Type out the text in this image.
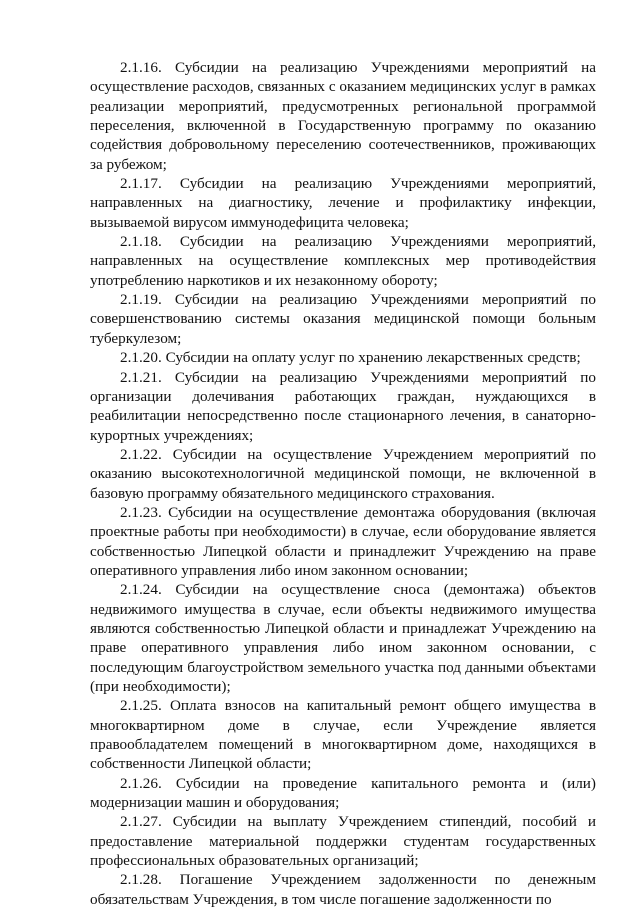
2.1.16. Субсидии на реализацию Учреждениями мероприятий на осуществление расходов, связанных с оказанием медицинских услуг в рамках реализации мероприятий, предусмотренных региональной программой переселения, включенной в Государственную программу по оказанию содействия добровольному переселению соотечественников, проживающих за рубежом;

2.1.17. Субсидии на реализацию Учреждениями мероприятий, направленных на диагностику, лечение и профилактику инфекции, вызываемой вирусом иммунодефицита человека;

2.1.18. Субсидии на реализацию Учреждениями мероприятий, направленных на осуществление комплексных мер противодействия употреблению наркотиков и их незаконному обороту;

2.1.19. Субсидии на реализацию Учреждениями мероприятий по совершенствованию системы оказания медицинской помощи больным туберкулезом;

2.1.20. Субсидии на оплату услуг по хранению лекарственных средств;

2.1.21. Субсидии на реализацию Учреждениями мероприятий по организации долечивания работающих граждан, нуждающихся в реабилитации непосредственно после стационарного лечения, в санаторно-курортных учреждениях;

2.1.22. Субсидии на осуществление Учреждением мероприятий по оказанию высокотехнологичной медицинской помощи, не включенной в базовую программу обязательного медицинского страхования.

2.1.23. Субсидии на осуществление демонтажа оборудования (включая проектные работы при необходимости) в случае, если оборудование является собственностью Липецкой области и принадлежит Учреждению на праве оперативного управления либо ином законном основании;

2.1.24. Субсидии на осуществление сноса (демонтажа) объектов недвижимого имущества в случае, если объекты недвижимого имущества являются собственностью Липецкой области и принадлежат Учреждению на праве оперативного управления либо ином законном основании, с последующим благоустройством земельного участка под данными объектами (при необходимости);

2.1.25. Оплата взносов на капитальный ремонт общего имущества в многоквартирном доме в случае, если Учреждение является правообладателем помещений в многоквартирном доме, находящихся в собственности Липецкой области;

2.1.26. Субсидии на проведение капитального ремонта и (или) модернизации машин и оборудования;

2.1.27. Субсидии на выплату Учреждением стипендий, пособий и предоставление материальной поддержки студентам государственных профессиональных образовательных организаций;

2.1.28. Погашение Учреждением задолженности по денежным обязательствам Учреждения, в том числе погашение задолженности по
